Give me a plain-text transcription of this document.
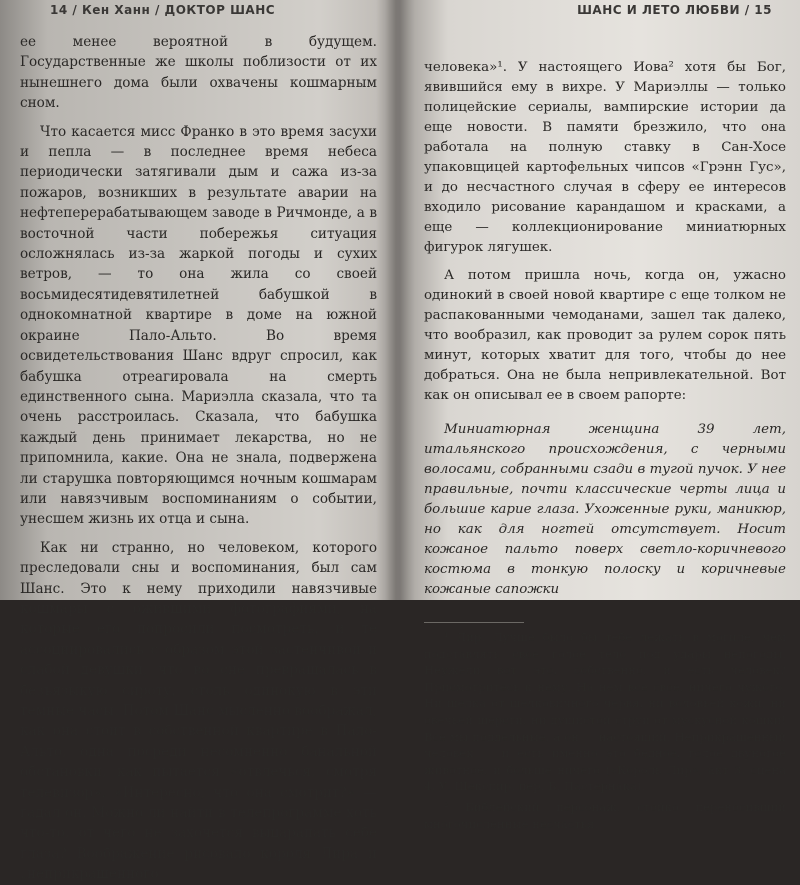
14 / Кен Ханн / ДОКТОР ШАНС

ее менее вероятной в будущем. Государственные же школы поблизости от их нынешнего дома были охвачены кошмарным сном.

Что касается мисс Франко в это время засухи и пепла — в последнее время небеса периодически затягивали дым и сажа из-за пожаров, возникших в результате аварии на нефтеперерабатывающем заводе в Ричмонде, а в восточной части побережья ситуация осложнялась из-за жаркой погоды и сухих ветров, — то она жила со своей восьмидесятидевятилетней бабушкой в однокомнатной квартире в доме на южной окраине Пало-Альто. Во время освидетельствования Шанс вдруг спросил, как бабушка отреагировала на смерть единственного сына. Мариэлла сказала, что та очень расстроилась. Сказала, что бабушка каждый день принимает лекарства, но не припомнила, какие. Она не знала, подвержена ли старушка повторяющимся ночным кошмарам или навязчивым воспоминаниям о событии, унесшем жизнь их отца и сына.

Как ни странно, но человеком, которого преследовали сны и воспоминания, был сам Шанс. Это к нему приходили навязчивые кошмары с ожившими фотографиями, на которые его попросили посмотреть, и те ассоциировались с образом этой застенчивой и слабой девушки, что во сне превращалась в безъязыкую сироту, столь одинокую в эти темные часы. Потом Шанс мысленно воображал, как она стоит в собственной квартире в Пало-Альто, одна посреди несомненно банальной обстановки, как пытается «отвлечься, смотря телевизор». «Интересно, что она смотрит?» — гадал он. Можно ли найти в телепрограмме хоть что-то, от чего не захочется выцарапать себе глаза? Воображение рисовало короля Лира и „неприкрашенного

ШАНС И ЛЕТО ЛЮБВИ / 15

человека»¹. У настоящего Иова² хотя бы Бог, явившийся ему в вихре. У Мариэллы — только полицейские сериалы, вампирские истории да еще новости. В памяти брезжило, что она работала на полную ставку в Сан-Хосе упаковщицей картофельных чипсов «Грэнн Гус», и до несчастного случая в сферу ее интересов входило рисование карандашом и красками, а еще — коллекционирование миниатюрных фигурок лягушек.

А потом пришла ночь, когда он, ужасно одинокий в своей новой квартире с еще толком не распакованными чемоданами, зашел так далеко, что вообразил, как проводит за рулем сорок пять минут, которых хватит для того, чтобы до нее добраться. Она не была непривлекательной. Вот как он описывал ее в своем рапорте:

Миниатюрная женщина 39 лет, итальянского происхождения, с черными волосами, собранными сзади в тугой пучок. У нее правильные, почти классические черты лица и большие карие глаза. Ухоженные руки, маникюр, но как для ногтей отсутствует. Носит кожаное пальто поверх светло-коричневого костюма в тонкую полоску и коричневые кожаные сапожки

¹ Лир. Лучше было бы тебе лежать в могиле, чем подставлять свое голое тело под удары непогоды. Неужели вот это, собственно, и есть человек? Присмотритесь к нему. На нем все свое, ничего чужого. Ни шелка от шелковичного червя, ни воловьей кожи, ни овечьей шерсти, ни душистой струи от мускусной кошки! Все мы поддельные, а он — настоящий. Неприкрашенный человек — и есть именно это бедное, голое двуногое животное, и больше ничего («Король Лир», акт 3, сцена 4, У. Шекспир, пер. Б. Пастернака).

² Библейский персонаж, стойко переносивший многочисленные несчастья.
